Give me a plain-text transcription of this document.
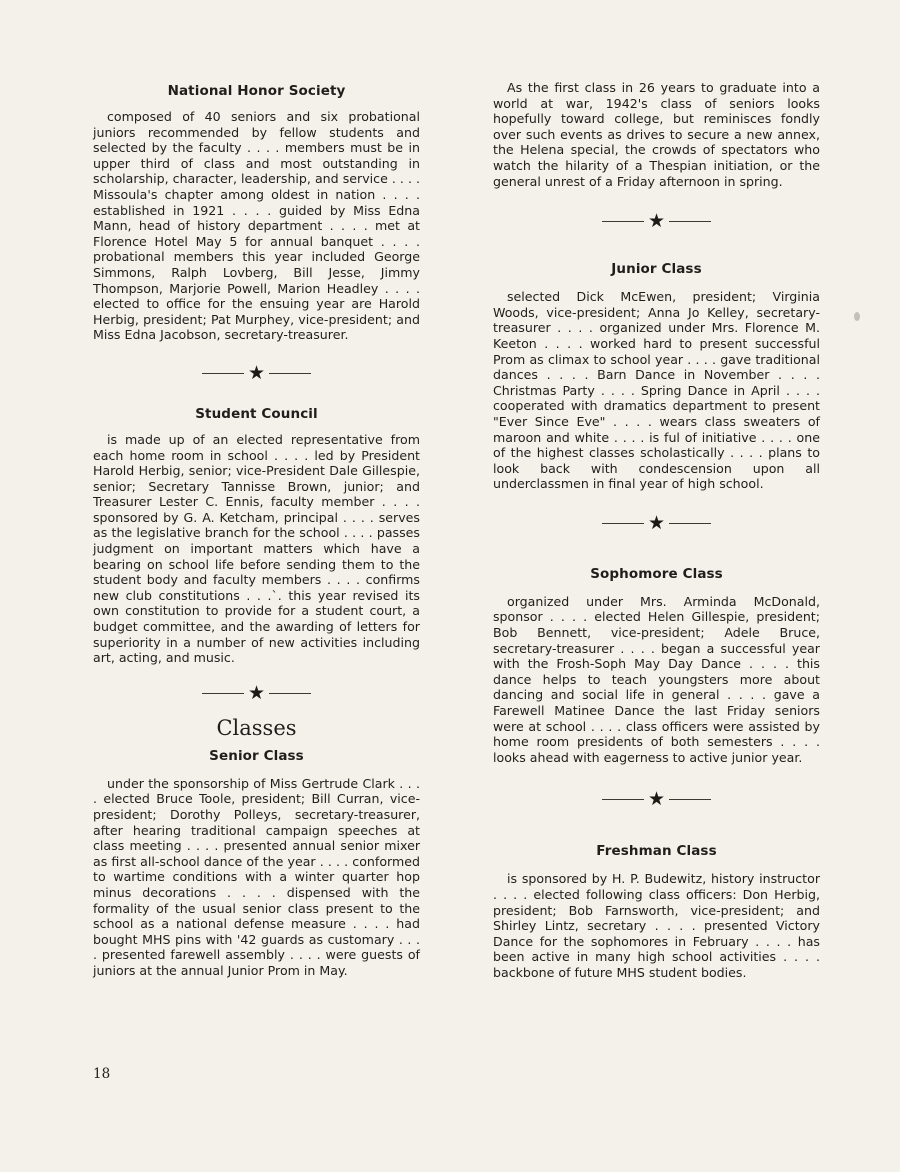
National Honor Society

composed of 40 seniors and six probational juniors recommended by fellow students and selected by the faculty . . . . members must be in upper third of class and most outstanding in scholarship, character, leadership, and service . . . . Missoula's chapter among oldest in nation . . . . established in 1921 . . . . guided by Miss Edna Mann, head of history department . . . . met at Florence Hotel May 5 for annual banquet . . . . probational members this year included George Simmons, Ralph Lovberg, Bill Jesse, Jimmy Thompson, Marjorie Powell, Marion Headley . . . . elected to office for the ensuing year are Harold Herbig, president; Pat Murphey, vice-president; and Miss Edna Jacobson, secretary-treasurer.

★
Student Council

is made up of an elected representative from each home room in school . . . . led by President Harold Herbig, senior; vice-President Dale Gillespie, senior; Secretary Tannisse Brown, junior; and Treasurer Lester C. Ennis, faculty member . . . . sponsored by G. A. Ketcham, principal . . . . serves as the legislative branch for the school . . . . passes judgment on important matters which have a bearing on school life before sending them to the student body and faculty members . . . . confirms new club constitutions . . .`. this year revised its own constitution to provide for a student court, a budget committee, and the awarding of letters for superiority in a number of new activities including art, acting, and music.

★
Classes
Senior Class

under the sponsorship of Miss Gertrude Clark . . . . elected Bruce Toole, president; Bill Curran, vice-president; Dorothy Polleys, secretary-treasurer, after hearing traditional campaign speeches at class meeting . . . . presented annual senior mixer as first all-school dance of the year . . . . conformed to wartime conditions with a winter quarter hop minus decorations . . . . dispensed with the formality of the usual senior class present to the school as a national defense measure . . . . had bought MHS pins with '42 guards as customary . . . . presented farewell assembly . . . . were guests of juniors at the annual Junior Prom in May.

As the first class in 26 years to graduate into a world at war, 1942's class of seniors looks hopefully toward college, but reminisces fondly over such events as drives to secure a new annex, the Helena special, the crowds of spectators who watch the hilarity of a Thespian initiation, or the general unrest of a Friday afternoon in spring.

★
Junior Class

selected Dick McEwen, president; Virginia Woods, vice-president; Anna Jo Kelley, secretary-treasurer . . . . organized under Mrs. Florence M. Keeton . . . . worked hard to present successful Prom as climax to school year . . . . gave traditional dances . . . . Barn Dance in November . . . . Christmas Party . . . . Spring Dance in April . . . . cooperated with dramatics department to present "Ever Since Eve" . . . . wears class sweaters of maroon and white . . . . is ful of initiative . . . . one of the highest classes scholastically . . . . plans to look back with condescension upon all underclassmen in final year of high school.

★
Sophomore Class

organized under Mrs. Arminda McDonald, sponsor . . . . elected Helen Gillespie, president; Bob Bennett, vice-president; Adele Bruce, secretary-treasurer . . . . began a successful year with the Frosh-Soph May Day Dance . . . . this dance helps to teach youngsters more about dancing and social life in general . . . . gave a Farewell Matinee Dance the last Friday seniors were at school . . . . class officers were assisted by home room presidents of both semesters . . . . looks ahead with eagerness to active junior year.

★
Freshman Class

is sponsored by H. P. Budewitz, history instructor . . . . elected following class officers: Don Herbig, president; Bob Farnsworth, vice-president; and Shirley Lintz, secretary . . . . presented Victory Dance for the sophomores in February . . . . has been active in many high school activities . . . . backbone of future MHS student bodies.

18
